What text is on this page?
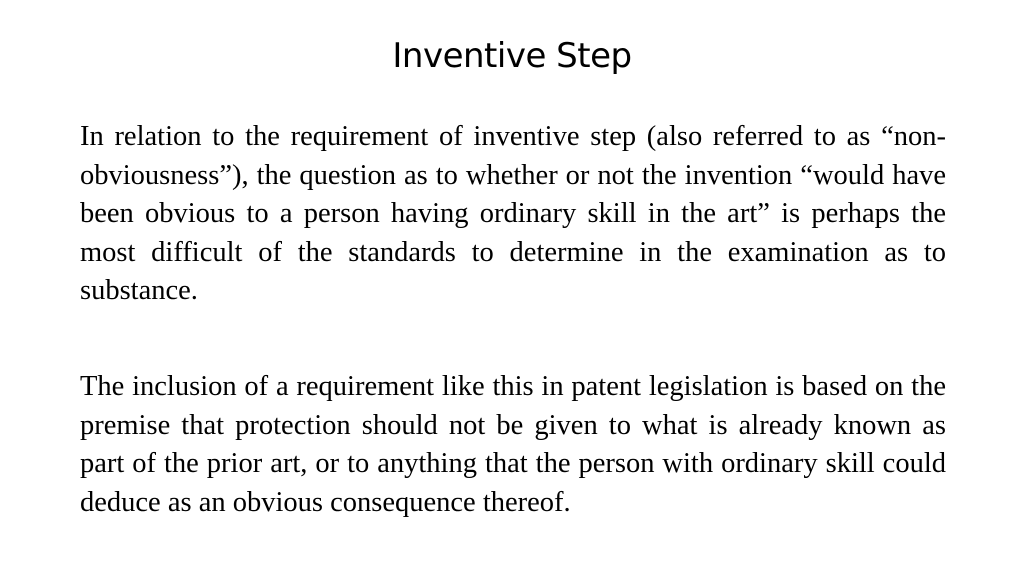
Inventive Step

In relation to the requirement of inventive step (also referred to as “non-obviousness”), the question as to whether or not the invention “would have been obvious to a person having ordinary skill in the art” is perhaps the most difficult of the standards to determine in the examination as to substance.

The inclusion of a requirement like this in patent legislation is based on the premise that protection should not be given to what is already known as part of the prior art, or to anything that the person with ordinary skill could deduce as an obvious consequence thereof.
